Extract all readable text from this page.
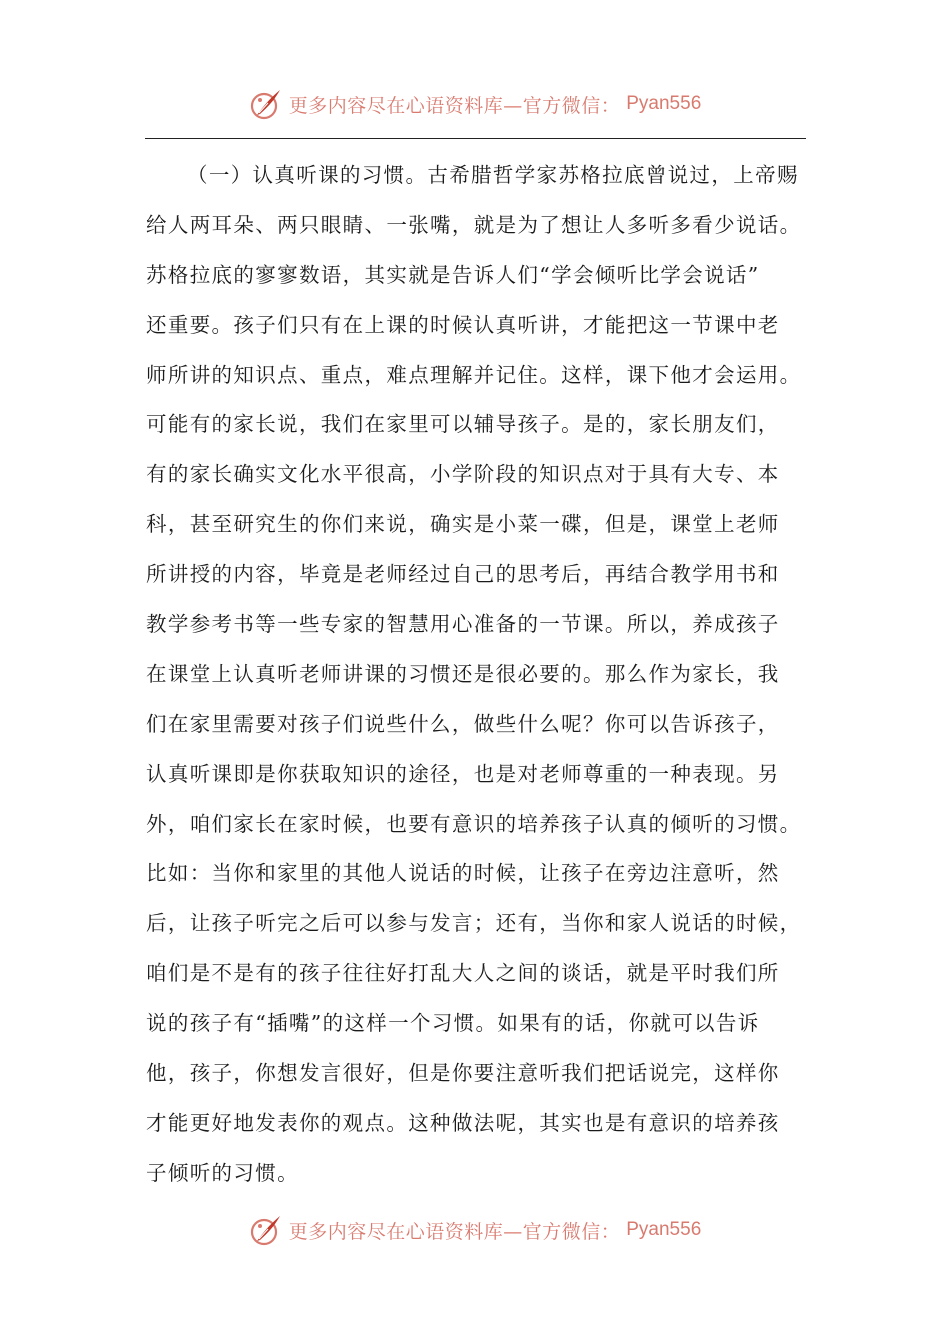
更多内容尽在心语资料库—官方微信： Pyan556
（一）认真听课的习惯。古希腊哲学家苏格拉底曾说过，上帝赐
给人两耳朵、两只眼睛、一张嘴，就是为了想让人多听多看少说话。
苏格拉底的寥寥数语，其实就是告诉人们“学会倾听比学会说话”
还重要。孩子们只有在上课的时候认真听讲，才能把这一节课中老
师所讲的知识点、重点，难点理解并记住。这样，课下他才会运用。
可能有的家长说，我们在家里可以辅导孩子。是的，家长朋友们，
有的家长确实文化水平很高，小学阶段的知识点对于具有大专、本
科，甚至研究生的你们来说，确实是小菜一碟，但是，课堂上老师
所讲授的内容，毕竟是老师经过自己的思考后，再结合教学用书和
教学参考书等一些专家的智慧用心准备的一节课。所以，养成孩子
在课堂上认真听老师讲课的习惯还是很必要的。那么作为家长，我
们在家里需要对孩子们说些什么，做些什么呢？你可以告诉孩子，
认真听课即是你获取知识的途径，也是对老师尊重的一种表现。另
外，咱们家长在家时候，也要有意识的培养孩子认真的倾听的习惯。
比如：当你和家里的其他人说话的时候，让孩子在旁边注意听，然
后，让孩子听完之后可以参与发言；还有，当你和家人说话的时候，
咱们是不是有的孩子往往好打乱大人之间的谈话，就是平时我们所
说的孩子有“插嘴”的这样一个习惯。如果有的话，你就可以告诉
他，孩子，你想发言很好，但是你要注意听我们把话说完，这样你
才能更好地发表你的观点。这种做法呢，其实也是有意识的培养孩
子倾听的习惯。
更多内容尽在心语资料库—官方微信： Pyan556
